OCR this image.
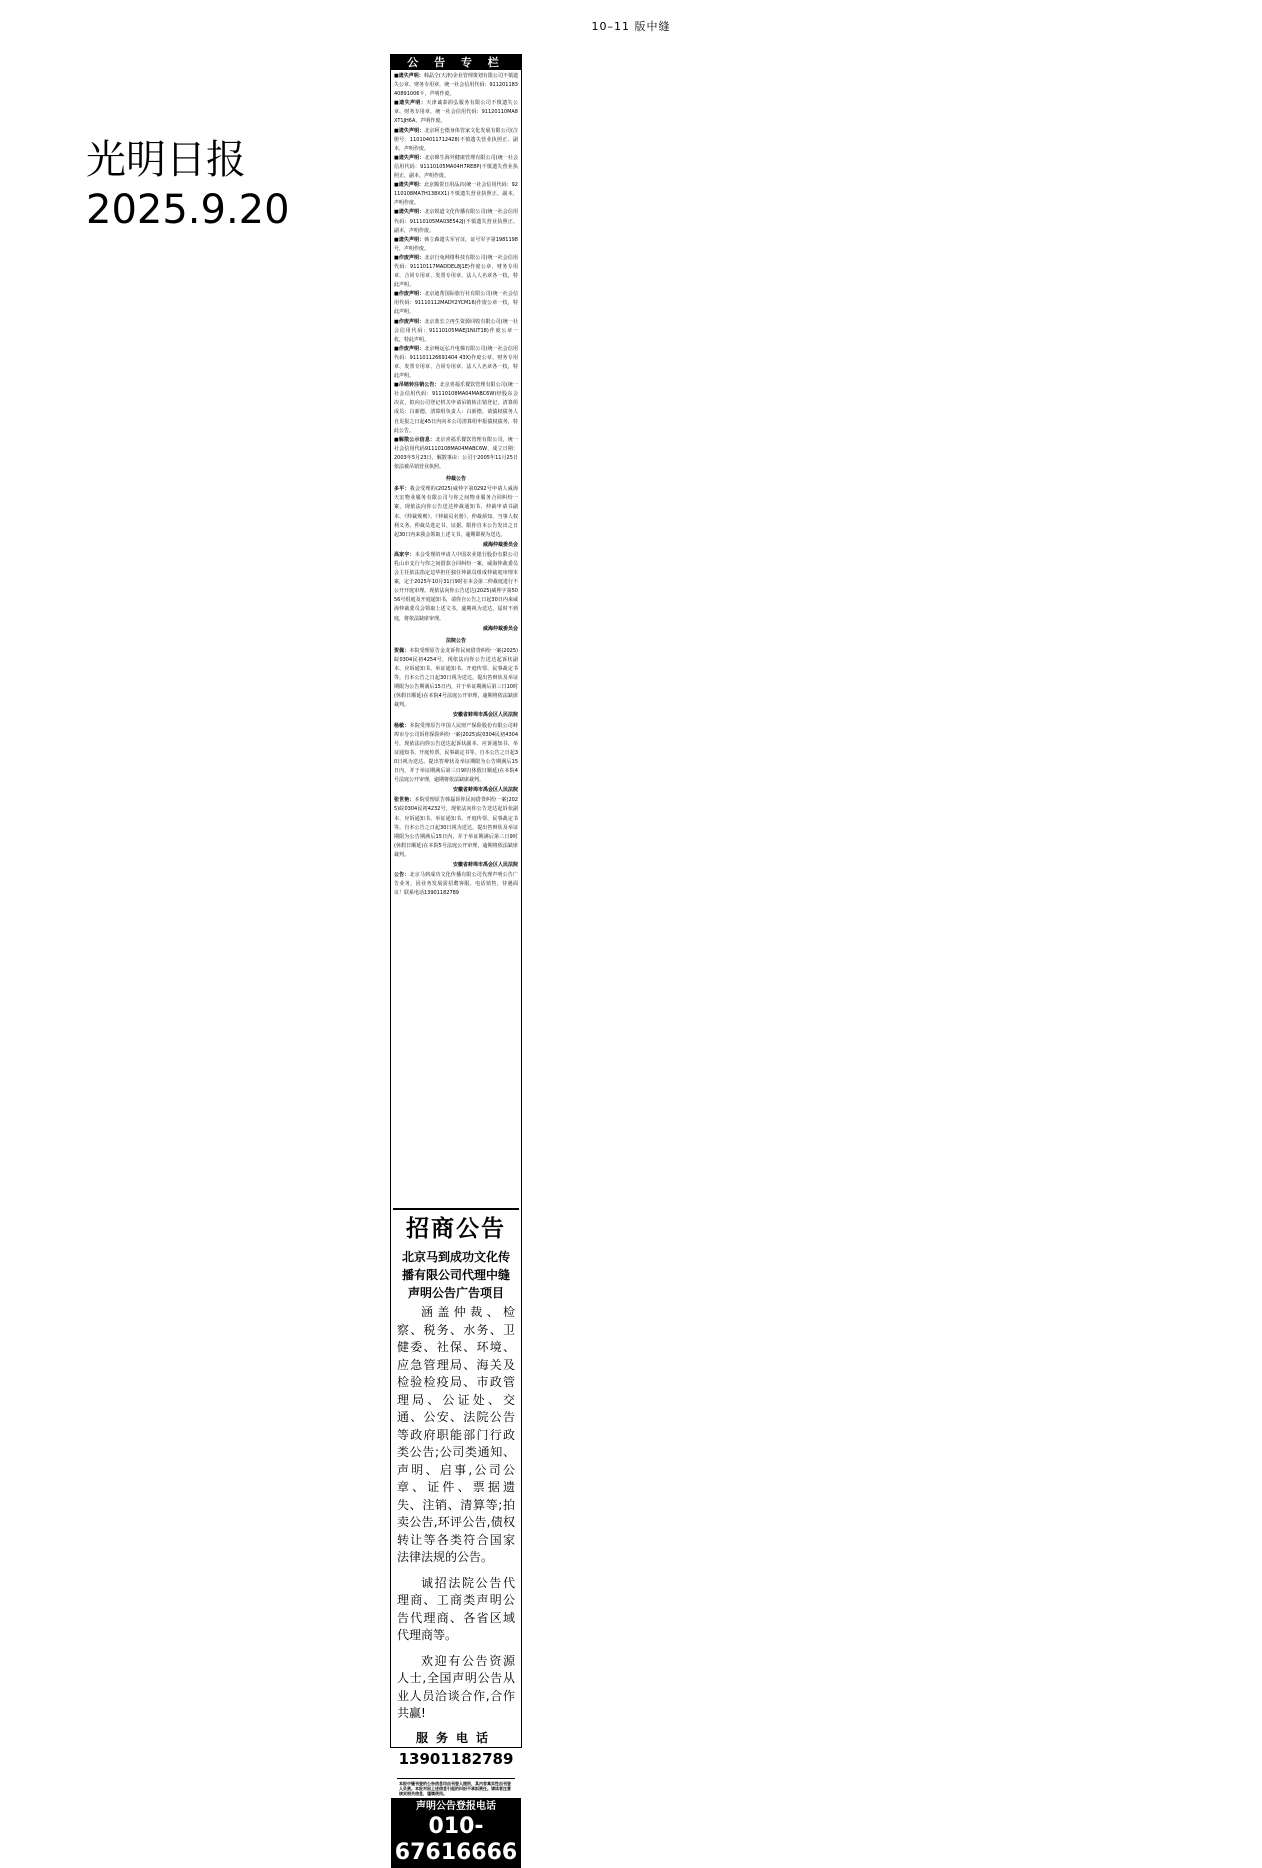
10–11 版中缝
光明日报
2025.9.20
公 告 专 栏

■遗失声明：韩晶仝(天津)企业管理策划有限公司不慎遗失公章、财务专用章，统一社会信用代码：91120118340891006９，声明作废。

■遗失声明：天津诚泰润弘服务有限公司不慎遗失公章、财务专用章，统一社会信用代码：91120110MA8XT1JH6A，声明作废。

■遗失声明：北京阿仑德身体管家文化发展有限公司(注册号：110104011712428)不慎遗失营业执照正、副本，声明作废。

■遗失声明：北京锦生海外健康管理有限公司(统一社会信用代码：91110105MA04H7RE8P)不慎遗失营业执照正、副本，声明作废。

■遗失声明：北京腾贺日用品店(统一社会信用代码：92110108MA7H138XX1)不慎遗失营业执照正、副本，声明作废。

■遗失声明：北京锐道文化传播有限公司(统一社会信用代码：91110105MA03E542J)不慎遗失营业执照正、副本，声明作废。

■遗失声明：韩立森遗失军官证，证号军字第1981198号，声明作废。

■作废声明：北京行兔网络科技有限公司(统一社会信用代码：91110117MADDEL8J1E)作废公章、财务专用章、合同专用章、发票专用章、法人人名章各一枚，特此声明。

■作废声明：北京迪帮国际旅行社有限公司(统一社会信用代码：91110112MADY2YCM16)作废公章一枚，特此声明。

■作废声明：北京蓝长立再生资源回收有限公司(统一社会信用代码：91110105MAEJ1NUT18)作废公章一枚，特此声明。

■作废声明：北京畅运弘升电梯有限公司(统一社会信用代码：911101126691404 43X)作废公章、财务专用章、发票专用章、合同专用章、法人人名章各一枚，特此声明。

■吊销转注销公告：北京喜福乐餐饮管理有限公司(统一社会信用代码：91110108MA04MABC6W)经股东会决议，拟向公司登记机关申请吊销转注销登记，清算组成员：白新德，清算组负责人：白新德，请债权债务人自见报之日起45日内向本公司清算组申报债权债务，特此公告。

■解散公示信息：北京喜福乐餐饮管理有限公司，统一社会信用代码91110108MA04MABC6W，成立日期：2003年5月23日，解散事由：公司于2005年11月25日依法被吊销营业执照。

仲裁公告

多平：我会受理的(2025)威仲字第0292号申请人威海天宏物业服务有限公司与你之间物业服务合同纠纷一案，现依法向你公告送达仲裁通知书、仲裁申请书副本、《仲裁规则》、《仲裁员名册》、仲裁须知、当事人权利义务、仲裁员选定书、证据。限你自本公告发出之日起30日内来我会领取上述文书，逾期即视为送达。

威海仲裁委员会

高家宇：本会受理的申请人中国农业银行股份有限公司乳山市支行与你之间借款合同纠纷一案，威海仲裁委员会主任依法指定边华担任独任仲裁员组成仲裁庭审理本案，定于2025年10月31日9时在本会第二仲裁庭进行不公开开庭审理。现依法向你公告送达(2025)威仲字第5056号组庭及开庭通知书，请你自公告之日起30日内来威海仲裁委员会领取上述文书，逾期视为送达，届时不到庭，将依法缺席审理。

威海仲裁委员会
法院公告

贺佩：本院受理原告金龙诉你民间借贷纠纷一案(2025)皖0304民初4254号，现依法向你公告送达起诉状副本、应诉通知书、举证通知书、开庭传票、民事裁定书等。自本公告之日起30日视为送达。提出答辩状及举证期限为公告期满后15日内，并于举证期满后第三日10时(休假日顺延)在本院4号法庭公开审理，逾期将依法缺席裁判。

安徽省蚌埠市禹会区人民法院

杨敏：本院受理原告中国人民财产保险股份有限公司蚌埠市分公司诉你保险纠纷一案(2025)皖0304民初4304号，现依法向你公告送达起诉状副本、应诉通知书、举证通知书、开庭传票、民事裁定书等。自本公告之日起30日视为送达。提出答辩状及举证期限为公告期满后15日内，并于举证期满后第三日9时(休假日顺延)在本院4号法庭公开审理，逾期将依法缺席裁判。

安徽省蚌埠市禹会区人民法院

张世艳：本院受理原告韩磊诉你民间借贷纠纷一案(2025)皖0304民初4232号，现依法向你公告送达起诉状副本、应诉通知书、举证通知书、开庭传票、民事裁定书等。自本公告之日起30日视为送达。提出答辩状及举证期限为公告期满后15日内，并于举证期满后第三日9时(休假日顺延)在本院5号法庭公开审理，逾期将依法缺席裁判。

安徽省蚌埠市禹会区人民法院

公告：北京马到成功文化传播有限公司代理声明公告广告业务，因业务发展需招聘客服、电话销售，待遇面议！联系电话13901182789

招商公告
北京马到成功文化传播有限公司代理中缝声明公告广告项目

涵盖仲裁、检察、税务、水务、卫健委、社保、环境、应急管理局、海关及检验检疫局、市政管理局、公证处、交通、公安、法院公告等政府职能部门行政类公告;公司类通知、声明、启事,公司公章、证件、票据遗失、注销、清算等;拍卖公告,环评公告,债权转让等各类符合国家法律法规的公告。

诚招法院公告代理商、工商类声明公告代理商、各省区域代理商等。

欢迎有公告资源人士,全国声明公告从业人员洽谈合作,合作共赢!

服务电话
13901182789
本报中缝刊登的公告信息均由刊登人提供，其内容真实性由刊登人负责。本报对因上述信息引起的纠纷不承担责任。请读者注意核实相关信息，谨慎使用。
声明公告登报电话
010-67616666
